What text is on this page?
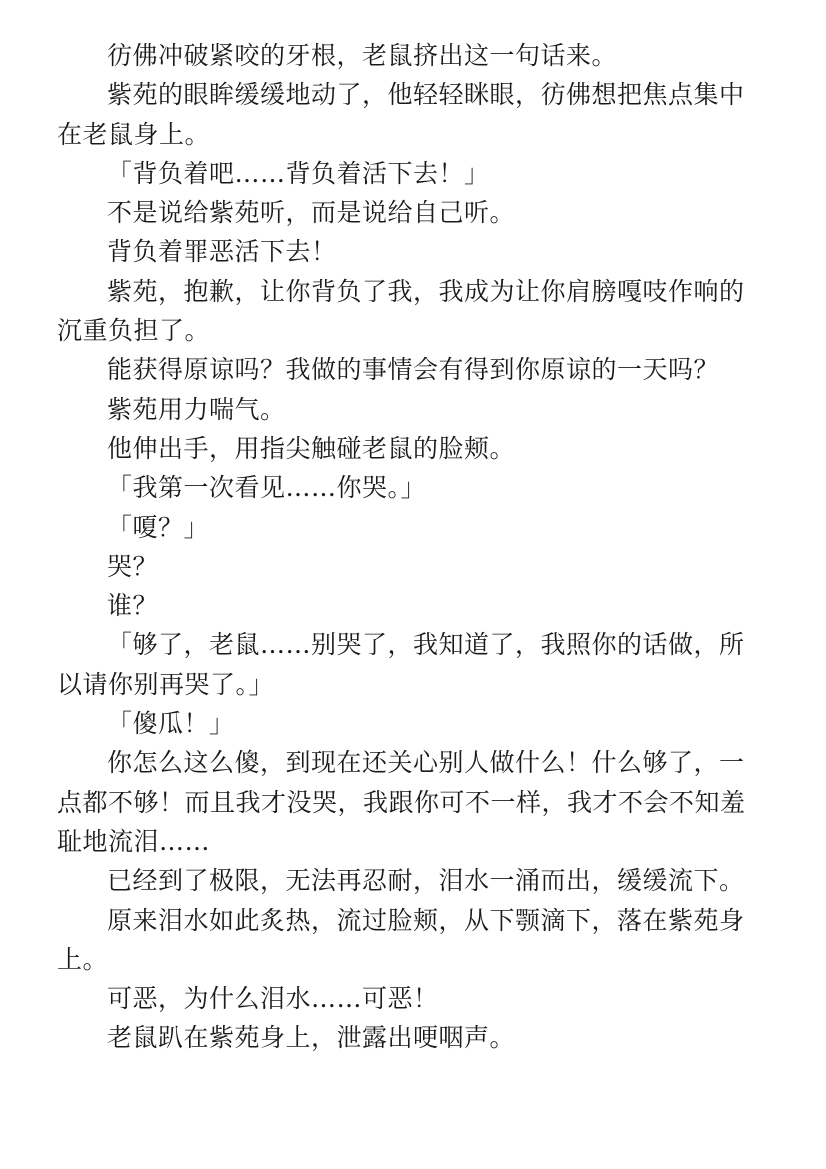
彷佛冲破紧咬的牙根，老鼠挤出这一句话来。

紫苑的眼眸缓缓地动了，他轻轻眯眼，彷佛想把焦点集中在老鼠身上。

「背负着吧……背负着活下去！」

不是说给紫苑听，而是说给自己听。

背负着罪恶活下去！

紫苑，抱歉，让你背负了我，我成为让你肩膀嘎吱作响的沉重负担了。

能获得原谅吗？我做的事情会有得到你原谅的一天吗？

紫苑用力喘气。

他伸出手，用指尖触碰老鼠的脸颊。

「我第一次看见……你哭。」

「嗄？」

哭？

谁？

「够了，老鼠……别哭了，我知道了，我照你的话做，所以请你别再哭了。」

「傻瓜！」

你怎么这么傻，到现在还关心别人做什么！什么够了，一点都不够！而且我才没哭，我跟你可不一样，我才不会不知羞耻地流泪……

已经到了极限，无法再忍耐，泪水一涌而出，缓缓流下。

原来泪水如此炙热，流过脸颊，从下颚滴下，落在紫苑身上。

可恶，为什么泪水……可恶！

老鼠趴在紫苑身上，泄露出哽咽声。
